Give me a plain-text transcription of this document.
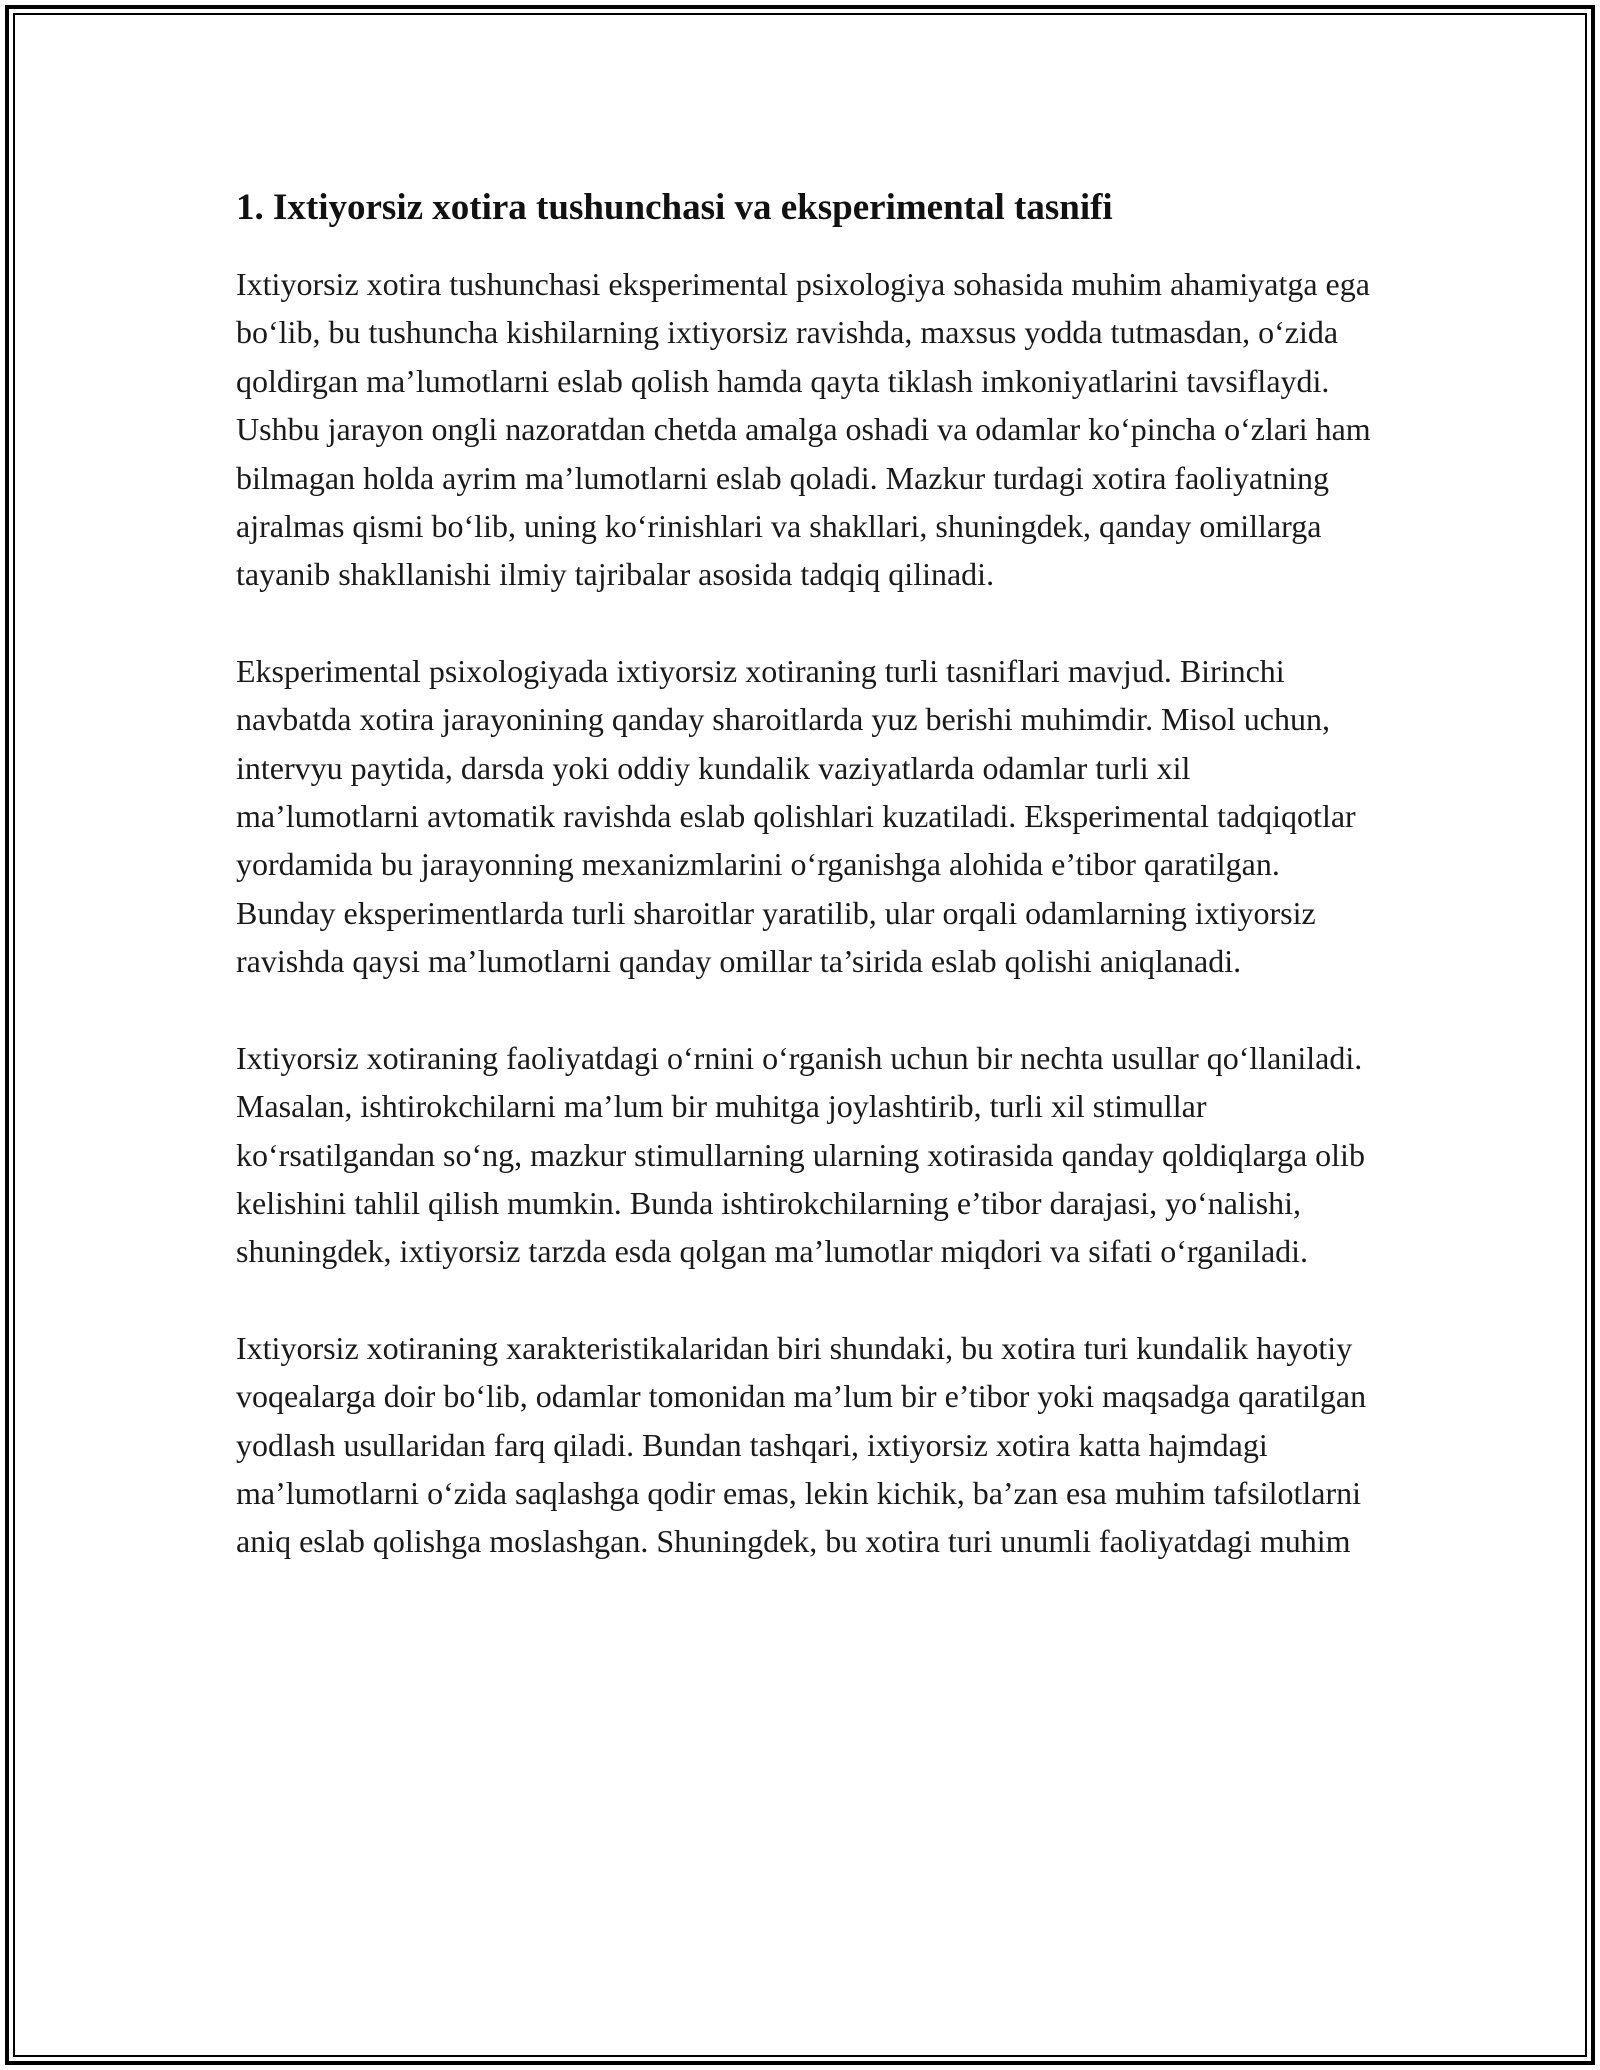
1. Ixtiyorsiz xotira tushunchasi va eksperimental tasnifi

Ixtiyorsiz xotira tushunchasi eksperimental psixologiya sohasida muhim ahamiyatga ega bo‘lib, bu tushuncha kishilarning ixtiyorsiz ravishda, maxsus yodda tutmasdan, o‘zida qoldirgan ma’lumotlarni eslab qolish hamda qayta tiklash imkoniyatlarini tavsiflaydi. Ushbu jarayon ongli nazoratdan chetda amalga oshadi va odamlar ko‘pincha o‘zlari ham bilmagan holda ayrim ma’lumotlarni eslab qoladi. Mazkur turdagi xotira faoliyatning ajralmas qismi bo‘lib, uning ko‘rinishlari va shakllari, shuningdek, qanday omillarga tayanib shakllanishi ilmiy tajribalar asosida tadqiq qilinadi.

Eksperimental psixologiyada ixtiyorsiz xotiraning turli tasniflari mavjud. Birinchi navbatda xotira jarayonining qanday sharoitlarda yuz berishi muhimdir. Misol uchun, intervyu paytida, darsda yoki oddiy kundalik vaziyatlarda odamlar turli xil ma’lumotlarni avtomatik ravishda eslab qolishlari kuzatiladi. Eksperimental tadqiqotlar yordamida bu jarayonning mexanizmlarini o‘rganishga alohida e’tibor qaratilgan. Bunday eksperimentlarda turli sharoitlar yaratilib, ular orqali odamlarning ixtiyorsiz ravishda qaysi ma’lumotlarni qanday omillar ta’sirida eslab qolishi aniqlanadi.

Ixtiyorsiz xotiraning faoliyatdagi o‘rnini o‘rganish uchun bir nechta usullar qo‘llaniladi. Masalan, ishtirokchilarni ma’lum bir muhitga joylashtirib, turli xil stimullar ko‘rsatilgandan so‘ng, mazkur stimullarning ularning xotirasida qanday qoldiqlarga olib kelishini tahlil qilish mumkin. Bunda ishtirokchilarning e’tibor darajasi, yo‘nalishi, shuningdek, ixtiyorsiz tarzda esda qolgan ma’lumotlar miqdori va sifati o‘rganiladi.

Ixtiyorsiz xotiraning xarakteristikalaridan biri shundaki, bu xotira turi kundalik hayotiy voqealarga doir bo‘lib, odamlar tomonidan ma’lum bir e’tibor yoki maqsadga qaratilgan yodlash usullaridan farq qiladi. Bundan tashqari, ixtiyorsiz xotira katta hajmdagi ma’lumotlarni o‘zida saqlashga qodir emas, lekin kichik, ba’zan esa muhim tafsilotlarni aniq eslab qolishga moslashgan. Shuningdek, bu xotira turi unumli faoliyatdagi muhim
